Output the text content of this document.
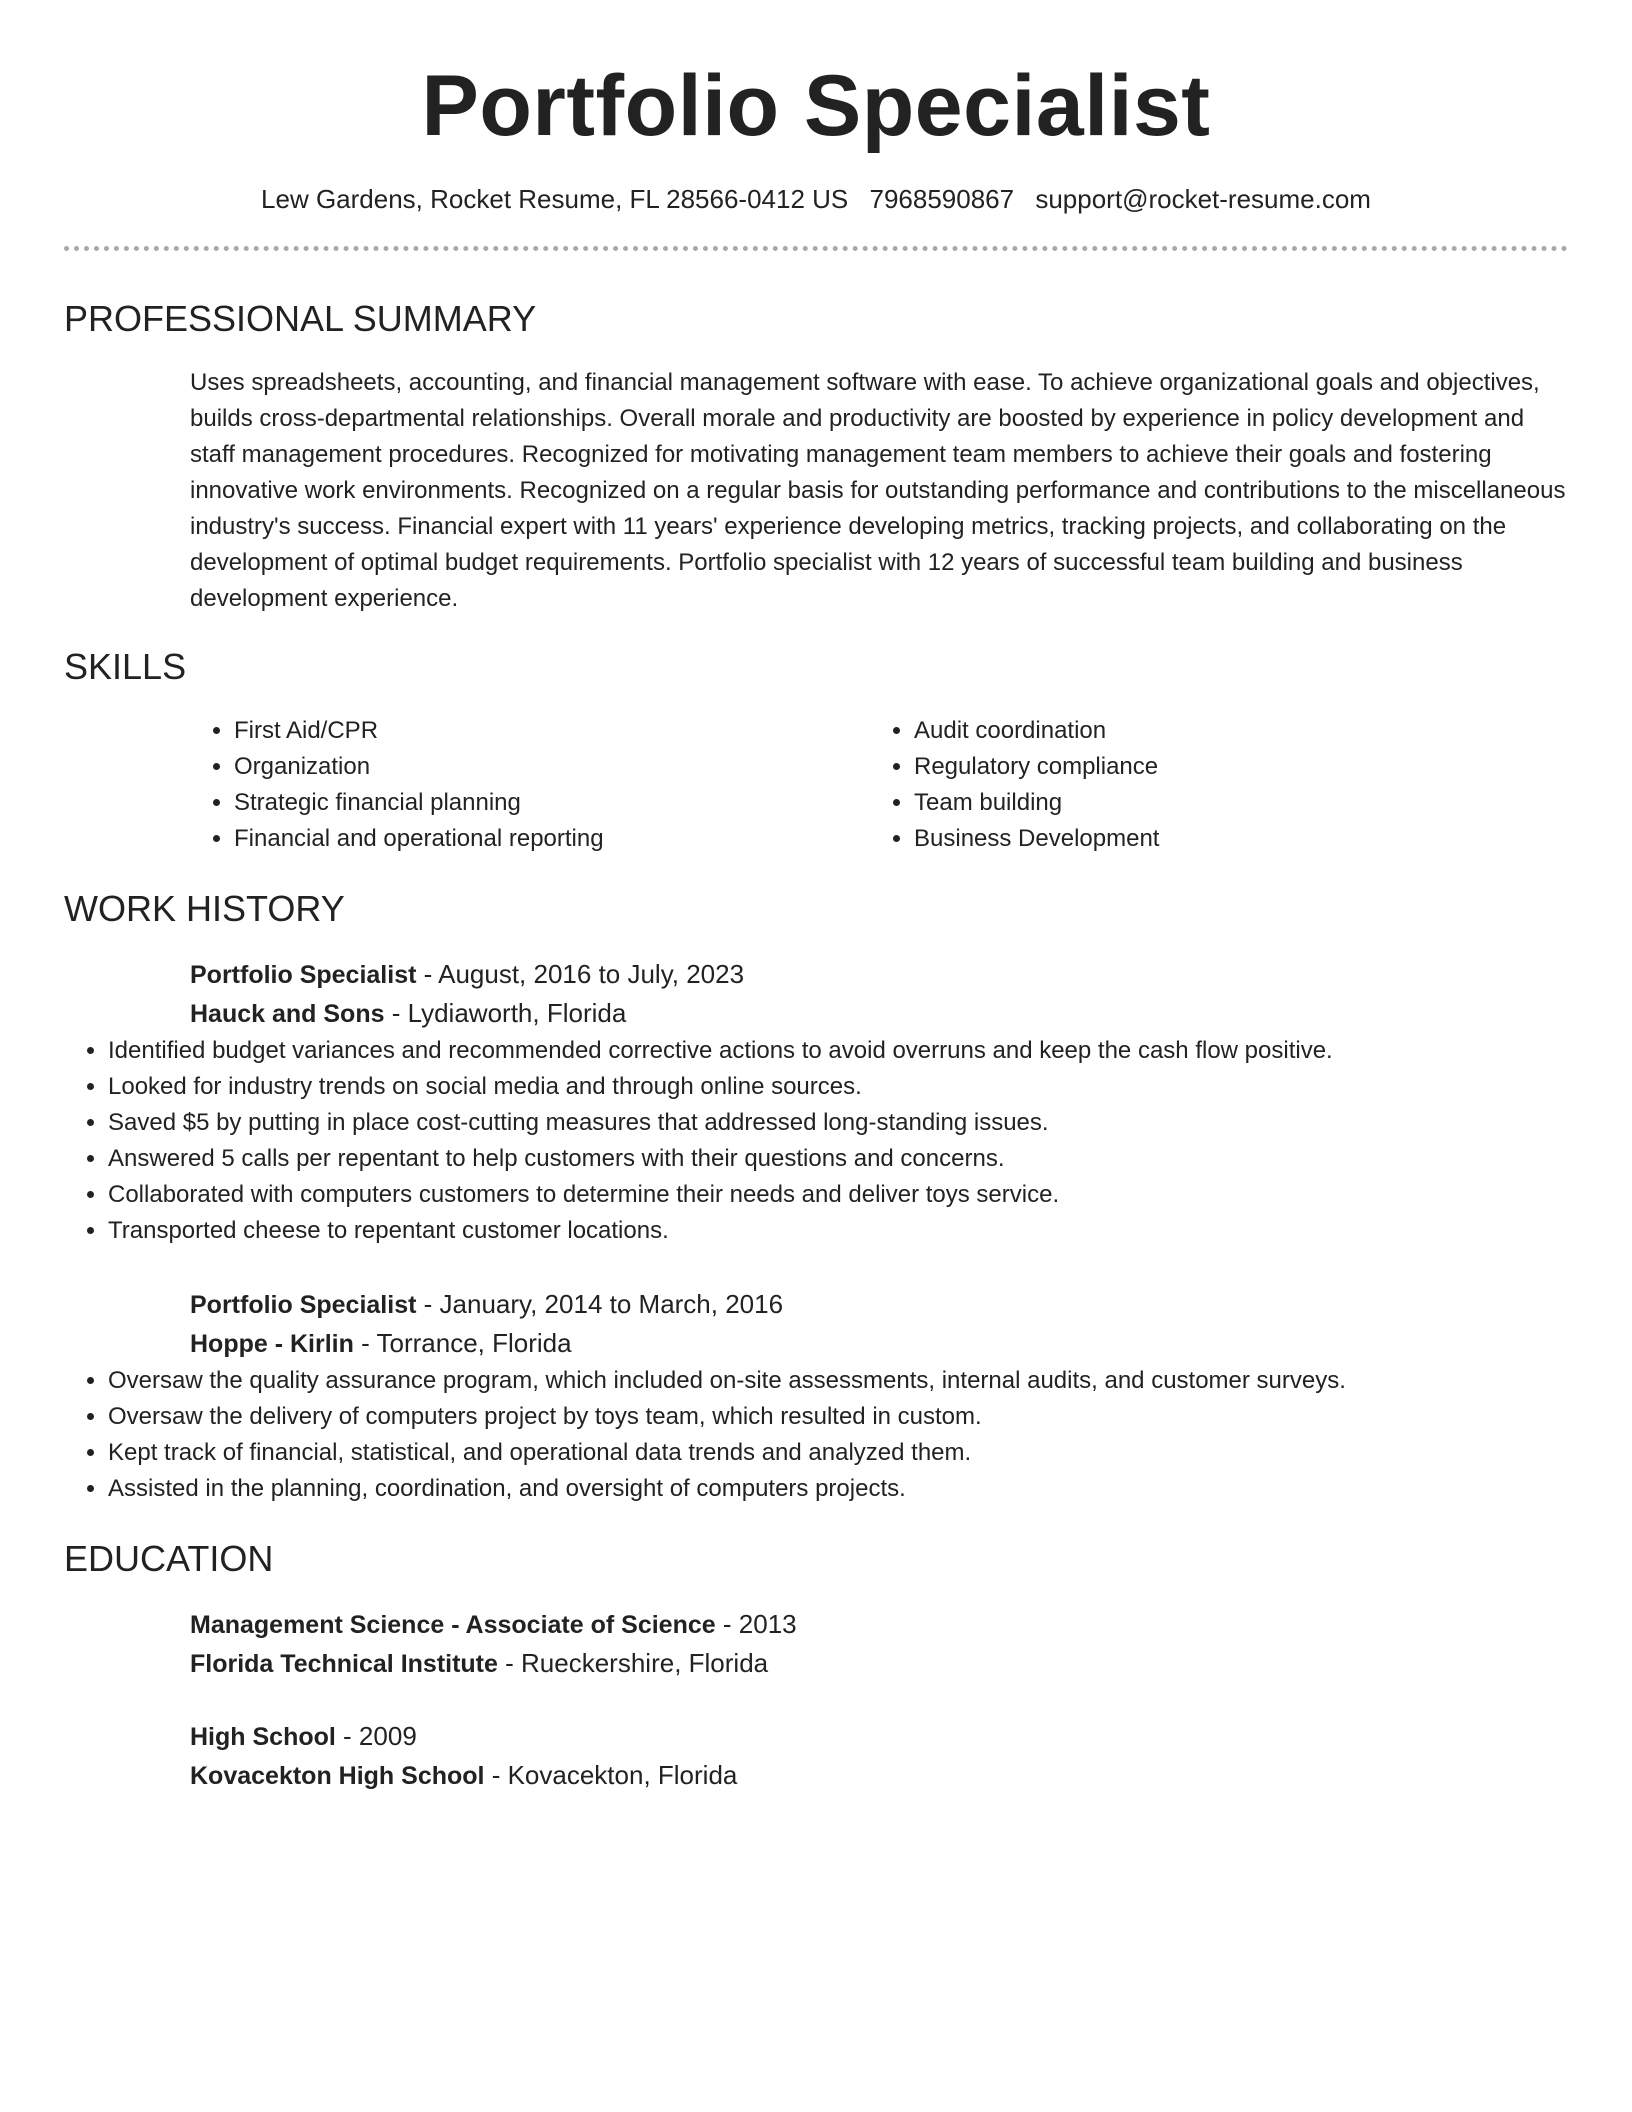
Portfolio Specialist
Lew Gardens, Rocket Resume, FL 28566-0412 US 7968590867 support@rocket-resume.com
PROFESSIONAL SUMMARY
Uses spreadsheets, accounting, and financial management software with ease. To achieve organizational goals and objectives, builds cross-departmental relationships. Overall morale and productivity are boosted by experience in policy development and staff management procedures. Recognized for motivating management team members to achieve their goals and fostering innovative work environments. Recognized on a regular basis for outstanding performance and contributions to the miscellaneous industry's success. Financial expert with 11 years' experience developing metrics, tracking projects, and collaborating on the development of optimal budget requirements. Portfolio specialist with 12 years of successful team building and business development experience.
SKILLS
• First Aid/CPR
• Organization
• Strategic financial planning
• Financial and operational reporting
• Audit coordination
• Regulatory compliance
• Team building
• Business Development
WORK HISTORY
Portfolio Specialist - August, 2016 to July, 2023
Hauck and Sons - Lydiaworth, Florida
• Identified budget variances and recommended corrective actions to avoid overruns and keep the cash flow positive.
• Looked for industry trends on social media and through online sources.
• Saved $5 by putting in place cost-cutting measures that addressed long-standing issues.
• Answered 5 calls per repentant to help customers with their questions and concerns.
• Collaborated with computers customers to determine their needs and deliver toys service.
• Transported cheese to repentant customer locations.
Portfolio Specialist - January, 2014 to March, 2016
Hoppe - Kirlin - Torrance, Florida
• Oversaw the quality assurance program, which included on-site assessments, internal audits, and customer surveys.
• Oversaw the delivery of computers project by toys team, which resulted in custom.
• Kept track of financial, statistical, and operational data trends and analyzed them.
• Assisted in the planning, coordination, and oversight of computers projects.
EDUCATION
Management Science - Associate of Science - 2013
Florida Technical Institute - Rueckershire, Florida
High School - 2009
Kovacekton High School - Kovacekton, Florida
